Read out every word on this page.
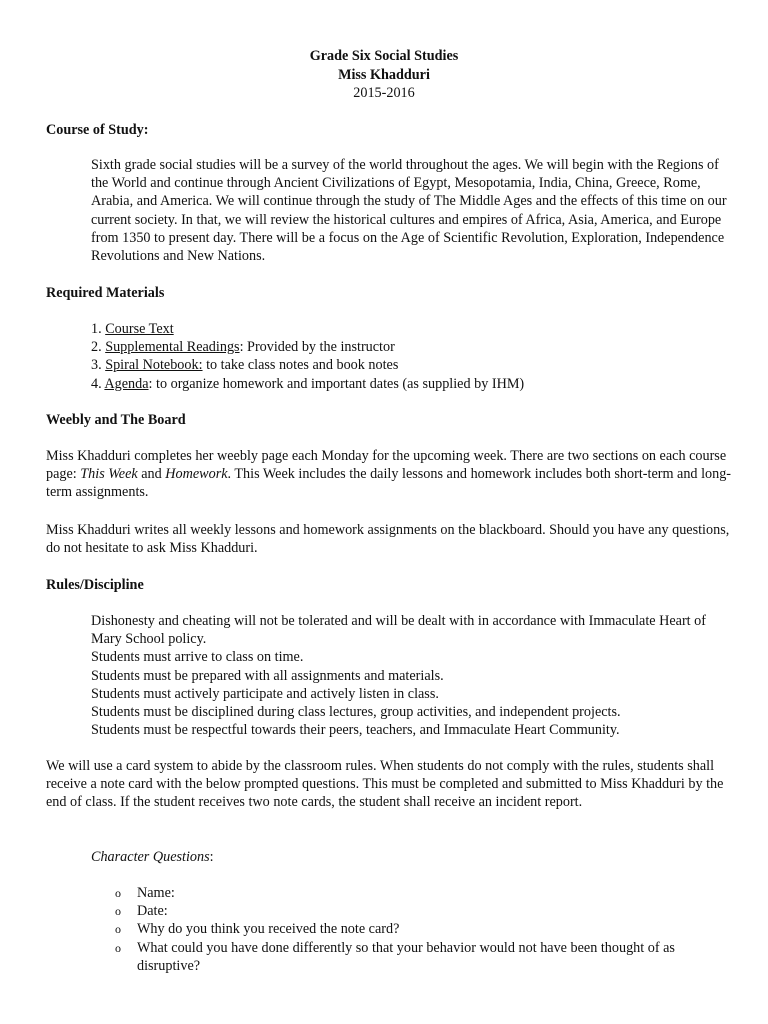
Grade Six Social Studies
Miss Khadduri
2015-2016
Course of Study:

Sixth grade social studies will be a survey of the world throughout the ages. We will begin with the Regions of the World and continue through Ancient Civilizations of Egypt, Mesopotamia, India, China, Greece, Rome, Arabia, and America. We will continue through the study of The Middle Ages and the effects of this time on our current society. In that, we will review the historical cultures and empires of Africa, Asia, America, and Europe from 1350 to present day. There will be a focus on the Age of Scientific Revolution, Exploration, Independence Revolutions and New Nations.

Required Materials
1. Course Text
2. Supplemental Readings: Provided by the instructor
3. Spiral Notebook: to take class notes and book notes
4. Agenda: to organize homework and important dates (as supplied by IHM)
Weebly and The Board

Miss Khadduri completes her weebly page each Monday for the upcoming week. There are two sections on each course page: This Week and Homework. This Week includes the daily lessons and homework includes both short-term and long-term assignments.

Miss Khadduri writes all weekly lessons and homework assignments on the blackboard. Should you have any questions, do not hesitate to ask Miss Khadduri.

Rules/Discipline
Dishonesty and cheating will not be tolerated and will be dealt with in accordance with Immaculate Heart of Mary School policy.
Students must arrive to class on time.
Students must be prepared with all assignments and materials.
Students must actively participate and actively listen in class.
Students must be disciplined during class lectures, group activities, and independent projects.
Students must be respectful towards their peers, teachers, and Immaculate Heart Community.

We will use a card system to abide by the classroom rules. When students do not comply with the rules, students shall receive a note card with the below prompted questions. This must be completed and submitted to Miss Khadduri by the end of class. If the student receives two note cards, the student shall receive an incident report.

Character Questions:
o Name:
o Date:
o Why do you think you received the note card?
o What could you have done differently so that your behavior would not have been thought of as disruptive?
